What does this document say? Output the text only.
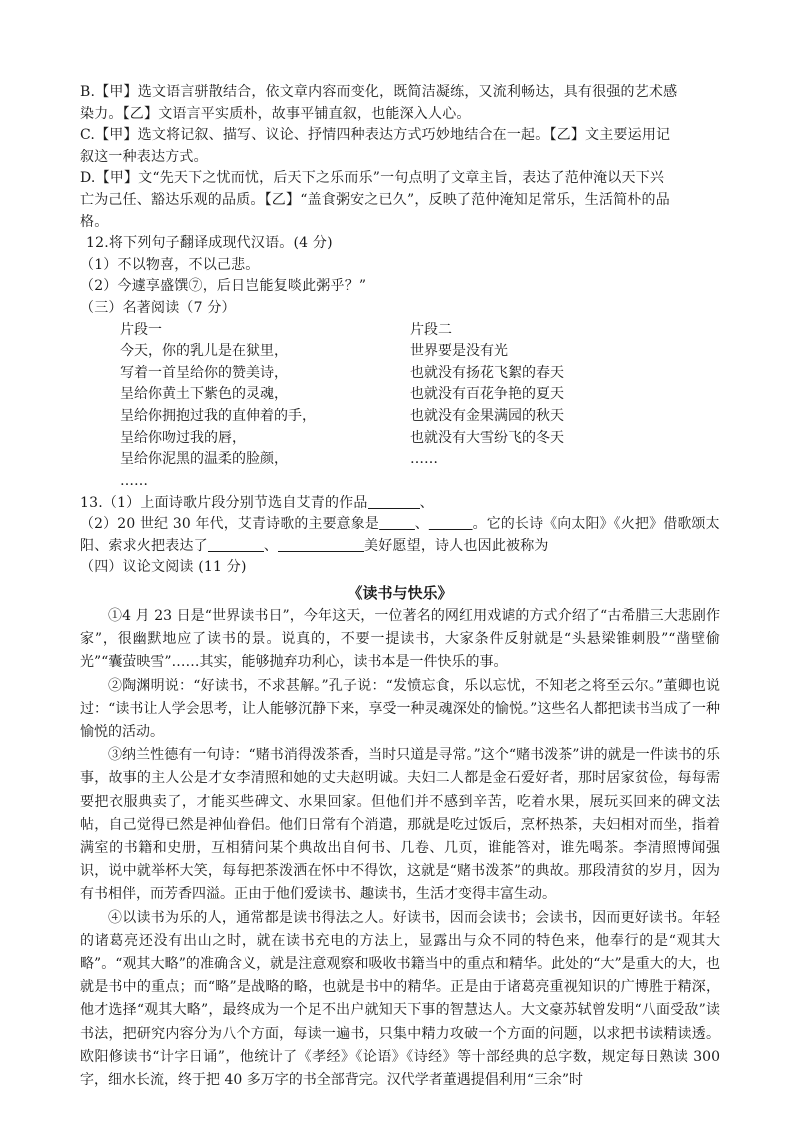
B.【甲】选文语言骈散结合，依文章内容而变化，既简洁凝练，又流利畅达，具有很强的艺术感
染力。【乙】文语言平实质朴，故事平铺直叙，也能深入人心。
C.【甲】选文将记叙、描写、议论、抒情四种表达方式巧妙地结合在一起。【乙】文主要运用记
叙这一种表达方式。
D.【甲】文“先天下之忧而忧，后天下之乐而乐”一句点明了文章主旨，表达了范仲淹以天下兴
亡为己任、豁达乐观的品质。【乙】“盖食粥安之已久”，反映了范仲淹知足常乐，生活简朴的品
格。
12.将下列句子翻译成现代汉语。(4 分)
（1）不以物喜，不以己悲。
（2）今遽享盛馔⑦，后日岂能复啖此粥乎？”
（三）名著阅读（7 分）
片段一
今天，你的乳儿是在狱里，
写着一首呈给你的赞美诗，
呈给你黄土下紫色的灵魂，
呈给你拥抱过我的直伸着的手，
呈给你吻过我的唇，
呈给你泥黑的温柔的脸颜，
……
片段二
世界要是没有光
也就没有扬花飞絮的春天
也就没有百花争艳的夏天
也就没有金果满园的秋天
也就没有大雪纷飞的冬天
……
13.（1）上面诗歌片段分别节选自艾青的作品	、
（2）20 世纪 30 年代，艾青诗歌的主要意象是	、	。它的长诗《向太阳》《火把》借歌颂太
阳、索求火把表达了	、	美好愿望，诗人也因此被称为
（四）议论文阅读 (11 分)
《读书与快乐》
①4 月 23 日是“世界读书日”，今年这天，一位著名的网红用戏谑的方式介绍了“古希腊三大悲剧作家”，很幽默地应了读书的景。说真的，不要一提读书，大家条件反射就是“头悬梁锥刺股”“凿壁偷光”“囊萤映雪”……其实，能够抛弃功利心，读书本是一件快乐的事。
②陶渊明说：“好读书，不求甚解。”孔子说：“发愤忘食，乐以忘忧，不知老之将至云尔。”董卿也说过：“读书让人学会思考，让人能够沉静下来，享受一种灵魂深处的愉悦。”这些名人都把读书当成了一种愉悦的活动。
③纳兰性德有一句诗：“赌书消得泼茶香，当时只道是寻常。”这个“赌书泼茶”讲的就是一件读书的乐事，故事的主人公是才女李清照和她的丈夫赵明诚。夫妇二人都是金石爱好者，那时居家贫俭，每每需要把衣服典卖了，才能买些碑文、水果回家。但他们并不感到辛苦，吃着水果，展玩买回来的碑文法帖，自己觉得已然是神仙眷侣。他们日常有个消遣，那就是吃过饭后，烹杯热茶，夫妇相对而坐，指着满室的书籍和史册，互相猜问某个典故出自何书、几卷、几页，谁能答对，谁先喝茶。李清照博闻强识，说中就举杯大笑，每每把茶泼洒在怀中不得饮，这就是“赌书泼茶”的典故。那段清贫的岁月，因为有书相伴，而芳香四溢。正由于他们爱读书、趣读书，生活才变得丰富生动。
④以读书为乐的人，通常都是读书得法之人。好读书，因而会读书；会读书，因而更好读书。年轻的诸葛亮还没有出山之时，就在读书充电的方法上，显露出与众不同的特色来，他奉行的是“观其大略”。“观其大略”的准确含义，就是注意观察和吸收书籍当中的重点和精华。此处的“大”是重大的大，也就是书中的重点；而“略”是战略的略，也就是书中的精华。正是由于诸葛亮重视知识的广博胜于精深，他才选择“观其大略”，最终成为一个足不出户就知天下事的智慧达人。大文豪苏轼曾发明“八面受敌”读书法，把研究内容分为八个方面，每读一遍书，只集中精力攻破一个方面的问题，以求把书读精读透。欧阳修读书“计字日诵”，他统计了《孝经》《论语》《诗经》等十部经典的总字数，规定每日熟读 300 字，细水长流，终于把 40 多万字的书全部背完。汉代学者董遇提倡利用“三余”时
